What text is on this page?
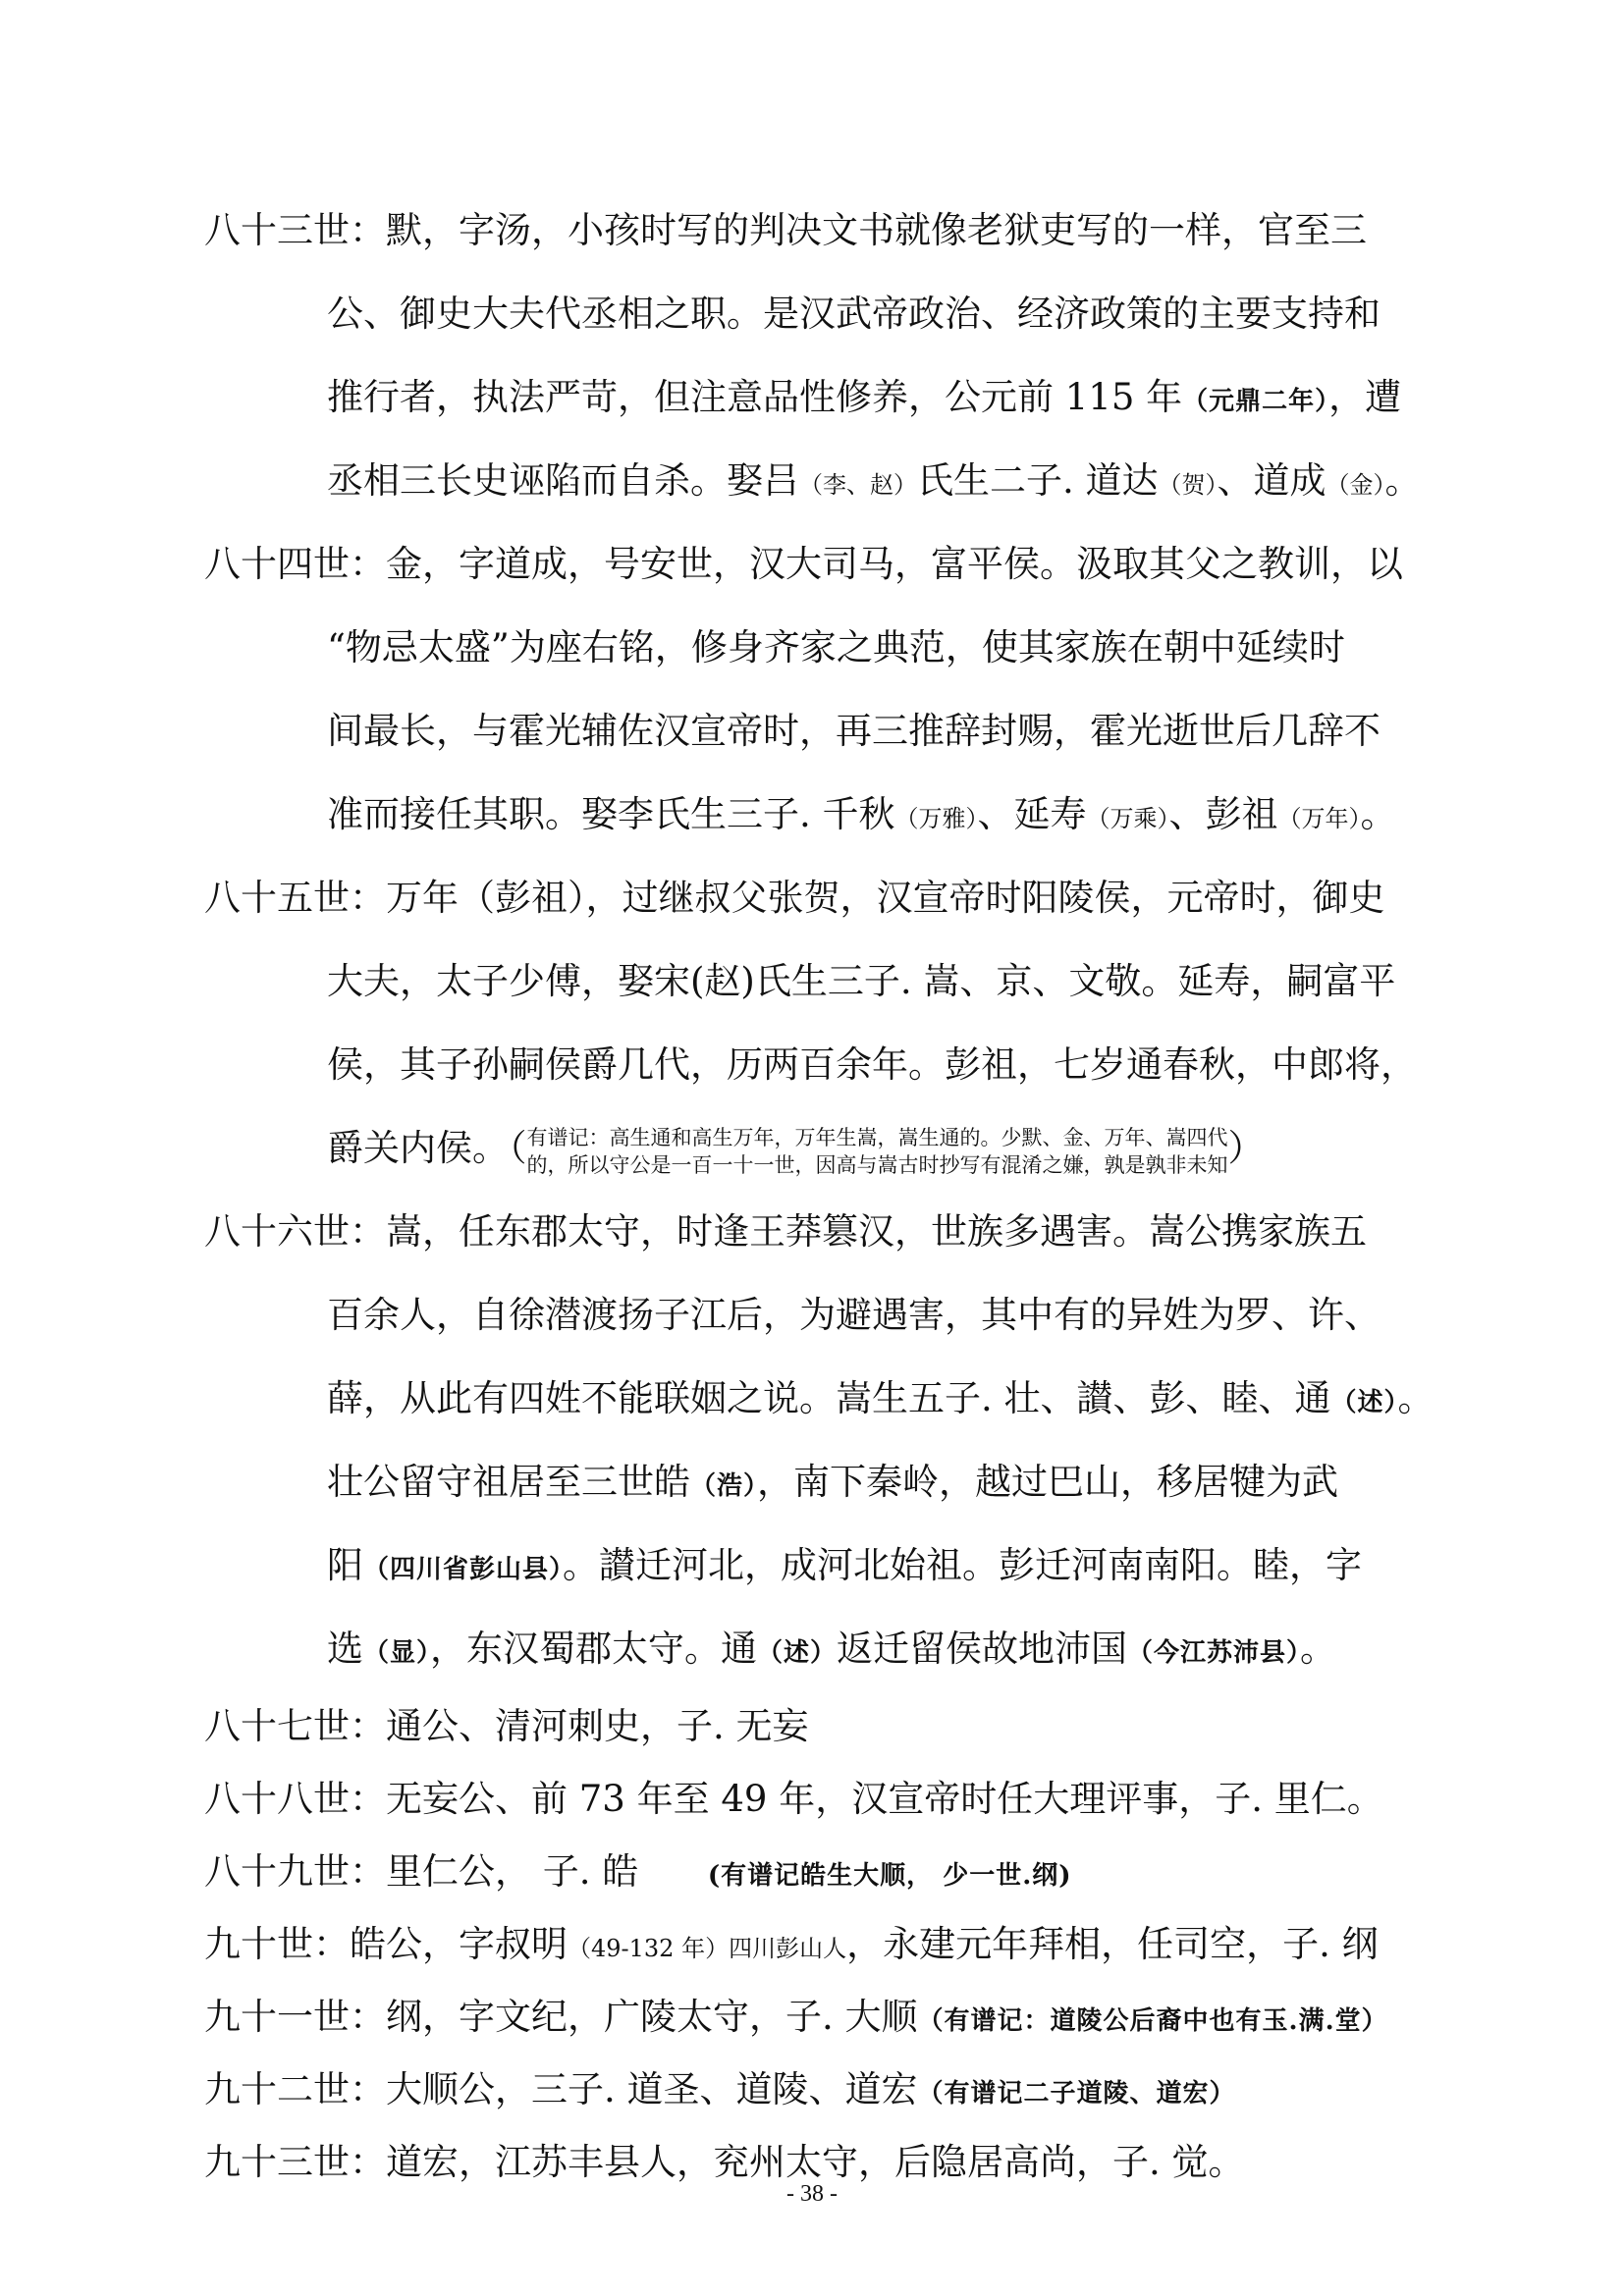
八十三世：默，字汤，小孩时写的判决文书就像老狱吏写的一样，官至三
公、御史大夫代丞相之职。是汉武帝政治、经济政策的主要支持和
推行者，执法严苛，但注意品性修养，公元前 115 年（元鼎二年），遭
丞相三长史诬陷而自杀。娶吕（李、赵）氏生二子. 道达（贺）、道成（金）。
八十四世：金，字道成，号安世，汉大司马，富平侯。汲取其父之教训，以
“物忌太盛”为座右铭，修身齐家之典范，使其家族在朝中延续时
间最长，与霍光辅佐汉宣帝时，再三推辞封赐，霍光逝世后几辞不
准而接任其职。娶李氏生三子. 千秋（万雅）、延寿（万乘）、彭祖（万年）。
八十五世：万年（彭祖），过继叔父张贺，汉宣帝时阳陵侯，元帝时，御史
大夫，太子少傅，娶宋(赵)氏生三子. 嵩、京、文敬。延寿，嗣富平
侯，其子孙嗣侯爵几代，历两百余年。彭祖，七岁通春秋，中郎将，
爵关内侯。（有谱记：高生通和高生万年，万年生嵩，嵩生通的。少默、金、万年、嵩四代
的，所以守公是一百一十一世，因高与嵩古时抄写有混淆之嫌，孰是孰非未知）
八十六世：嵩，任东郡太守，时逢王莽篡汉，世族多遇害。嵩公携家族五
百余人，自徐潜渡扬子江后，为避遇害，其中有的异姓为罗、许、
薛，从此有四姓不能联姻之说。嵩生五子. 壮、讃、彭、睦、通（述）。
壮公留守祖居至三世皓（浩），南下秦岭，越过巴山，移居犍为武
阳（四川省彭山县）。讃迁河北，成河北始祖。彭迁河南南阳。睦，字
选（显），东汉蜀郡太守。通（述）返迁留侯故地沛国（今江苏沛县）。
八十七世：通公、清河刺史，子. 无妄
八十八世：无妄公、前 73 年至 49 年，汉宣帝时任大理评事，子. 里仁。
八十九世：里仁公， 子. 皓	(有谱记皓生大顺， 少一世.纲)
九十世：皓公，字叔明（49-132 年）四川彭山人，永建元年拜相，任司空，子. 纲
九十一世：纲，字文纪，广陵太守，子. 大顺（有谱记：道陵公后裔中也有玉.满.堂）
九十二世：大顺公，三子. 道圣、道陵、道宏（有谱记二子道陵、道宏）
九十三世：道宏，江苏丰县人，兖州太守，后隐居高尚，子. 觉。
- 38 -
